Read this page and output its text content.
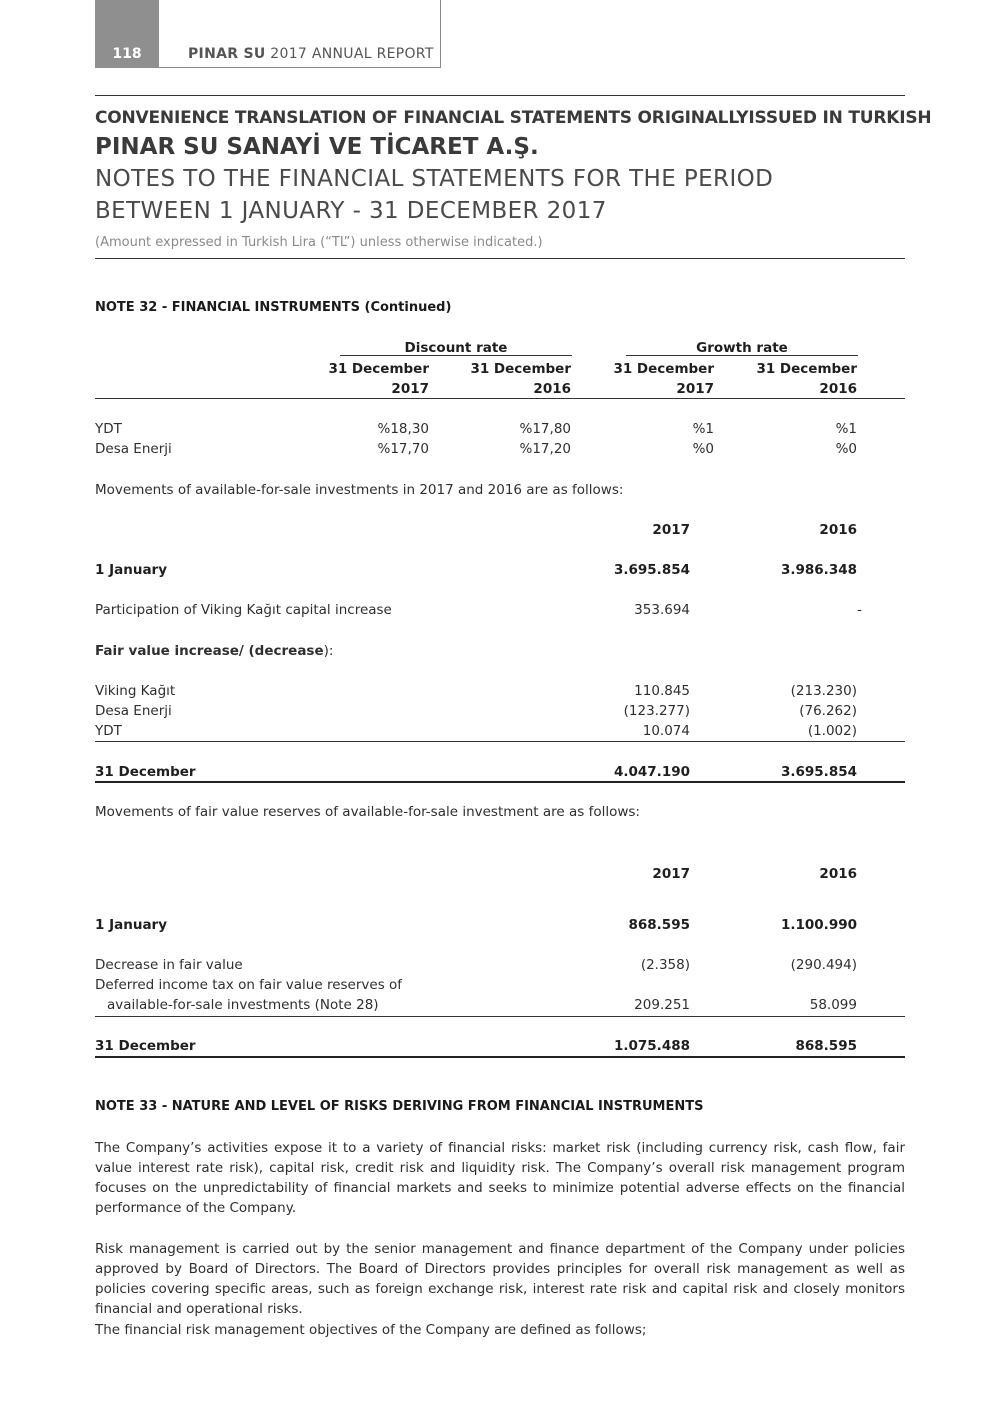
118	PINAR SU 2017 ANNUAL REPORT
CONVENIENCE TRANSLATION OF FINANCIAL STATEMENTS ORIGINALLYISSUED IN TURKISH
PINAR SU SANAYİ VE TİCARET A.Ş.
NOTES TO THE FINANCIAL STATEMENTS FOR THE PERIOD
BETWEEN 1 JANUARY - 31 DECEMBER 2017
(Amount expressed in Turkish Lira (“TL”) unless otherwise indicated.)
NOTE 32 - FINANCIAL INSTRUMENTS (Continued)
Discount rate	Growth rate
31 December	31 December	31 December	31 December
2017	2016	2017	2016
YDT	%18,30	%17,80	%1	%1
Desa Enerji	%17,70	%17,20	%0	%0
Movements of available-for-sale investments in 2017 and 2016 are as follows:
2017	2016
1 January	3.695.854	3.986.348
Participation of Viking Kağıt capital increase	353.694	-
Fair value increase/ (decrease):
Viking Kağıt	110.845	(213.230)
Desa Enerji	(123.277)	(76.262)
YDT	10.074	(1.002)
31 December	4.047.190	3.695.854
Movements of fair value reserves of available-for-sale investment are as follows:
2017	2016
1 January	868.595	1.100.990
Decrease in fair value	(2.358)	(290.494)
Deferred income tax on fair value reserves of
available-for-sale investments (Note 28)	209.251	58.099
31 December	1.075.488	868.595
NOTE 33 - NATURE AND LEVEL OF RISKS DERIVING FROM FINANCIAL INSTRUMENTS
The Company’s activities expose it to a variety of financial risks: market risk (including currency risk, cash flow, fair value interest rate risk), capital risk, credit risk and liquidity risk. The Company’s overall risk management program focuses on the unpredictability of financial markets and seeks to minimize potential adverse effects on the financial performance of the Company.
Risk management is carried out by the senior management and finance department of the Company under policies approved by Board of Directors. The Board of Directors provides principles for overall risk management as well as policies covering specific areas, such as foreign exchange risk, interest rate risk and capital risk and closely monitors financial and operational risks.
The financial risk management objectives of the Company are defined as follows;
